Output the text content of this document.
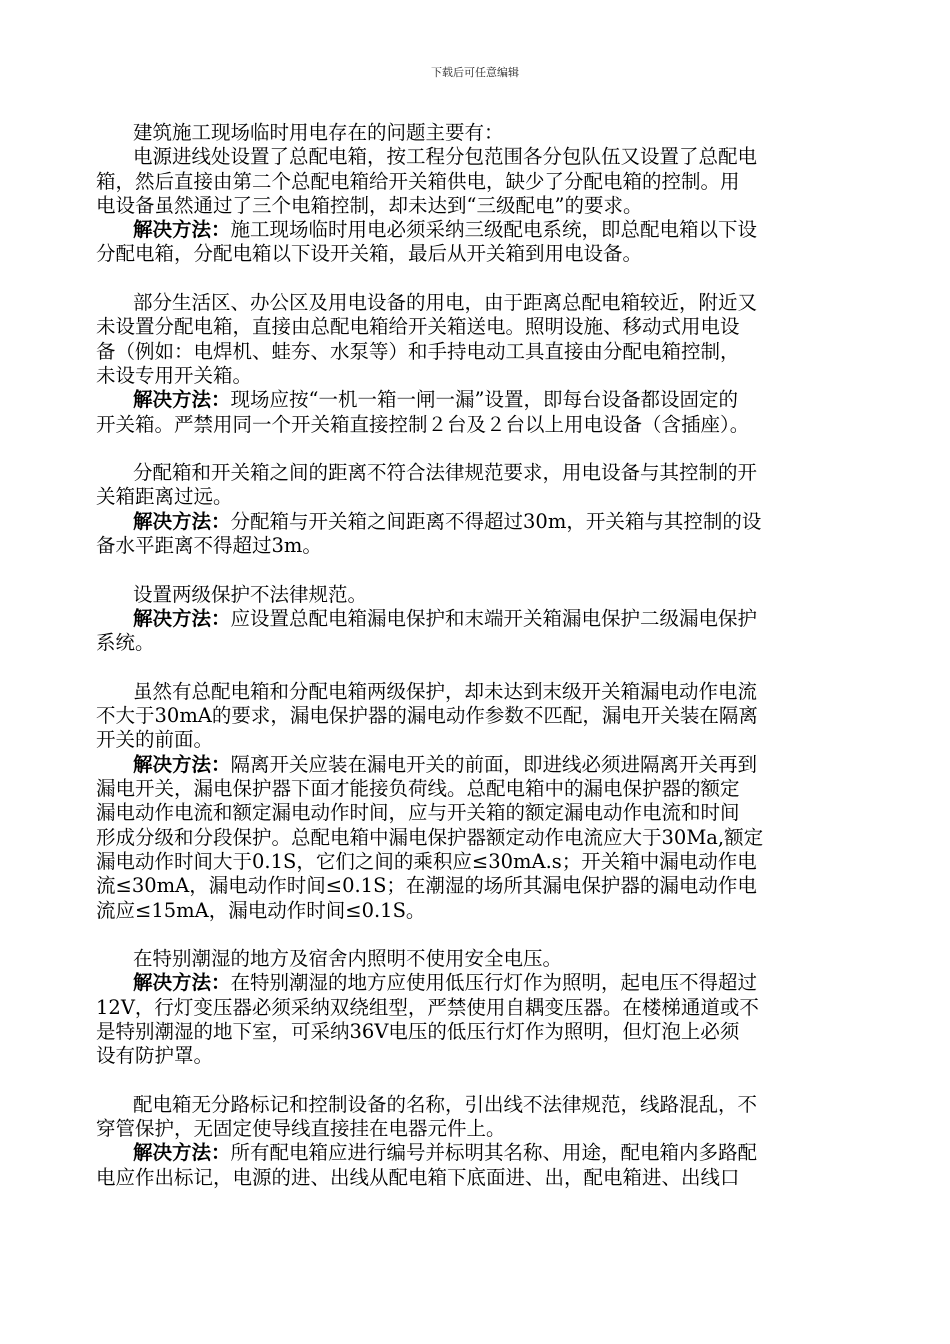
下载后可任意编辑
建筑施工现场临时用电存在的问题主要有：
电源进线处设置了总配电箱，按工程分包范围各分包队伍又设置了总配电
箱，然后直接由第二个总配电箱给开关箱供电，缺少了分配电箱的控制。用
电设备虽然通过了三个电箱控制，却未达到“三级配电”的要求。
解决方法：施工现场临时用电必须采纳三级配电系统，即总配电箱以下设
分配电箱，分配电箱以下设开关箱，最后从开关箱到用电设备。
部分生活区、办公区及用电设备的用电，由于距离总配电箱较近，附近又
未设置分配电箱，直接由总配电箱给开关箱送电。照明设施、移动式用电设
备（例如：电焊机、蛙夯、水泵等）和手持电动工具直接由分配电箱控制，
未设专用开关箱。
解决方法：现场应按“一机一箱一闸一漏”设置，即每台设备都设固定的
开关箱。严禁用同一个开关箱直接控制２台及２台以上用电设备（含插座）。
分配箱和开关箱之间的距离不符合法律规范要求，用电设备与其控制的开
关箱距离过远。
解决方法：分配箱与开关箱之间距离不得超过30m，开关箱与其控制的设
备水平距离不得超过3m。
设置两级保护不法律规范。
解决方法：应设置总配电箱漏电保护和末端开关箱漏电保护二级漏电保护
系统。
虽然有总配电箱和分配电箱两级保护，却未达到末级开关箱漏电动作电流
不大于30mA的要求，漏电保护器的漏电动作参数不匹配，漏电开关装在隔离
开关的前面。
解决方法：隔离开关应装在漏电开关的前面，即进线必须进隔离开关再到
漏电开关，漏电保护器下面才能接负荷线。总配电箱中的漏电保护器的额定
漏电动作电流和额定漏电动作时间，应与开关箱的额定漏电动作电流和时间
形成分级和分段保护。总配电箱中漏电保护器额定动作电流应大于30Ma,额定
漏电动作时间大于0.1S，它们之间的乘积应≤30mA.s；开关箱中漏电动作电
流≤30mA，漏电动作时间≤0.1S；在潮湿的场所其漏电保护器的漏电动作电
流应≤15mA，漏电动作时间≤0.1S。
在特别潮湿的地方及宿舍内照明不使用安全电压。
解决方法：在特别潮湿的地方应使用低压行灯作为照明，起电压不得超过
12V，行灯变压器必须采纳双绕组型，严禁使用自耦变压器。在楼梯通道或不
是特别潮湿的地下室，可采纳36V电压的低压行灯作为照明，但灯泡上必须
设有防护罩。
配电箱无分路标记和控制设备的名称，引出线不法律规范，线路混乱，不
穿管保护，无固定使导线直接挂在电器元件上。
解决方法：所有配电箱应进行编号并标明其名称、用途，配电箱内多路配
电应作出标记，电源的进、出线从配电箱下底面进、出，配电箱进、出线口
